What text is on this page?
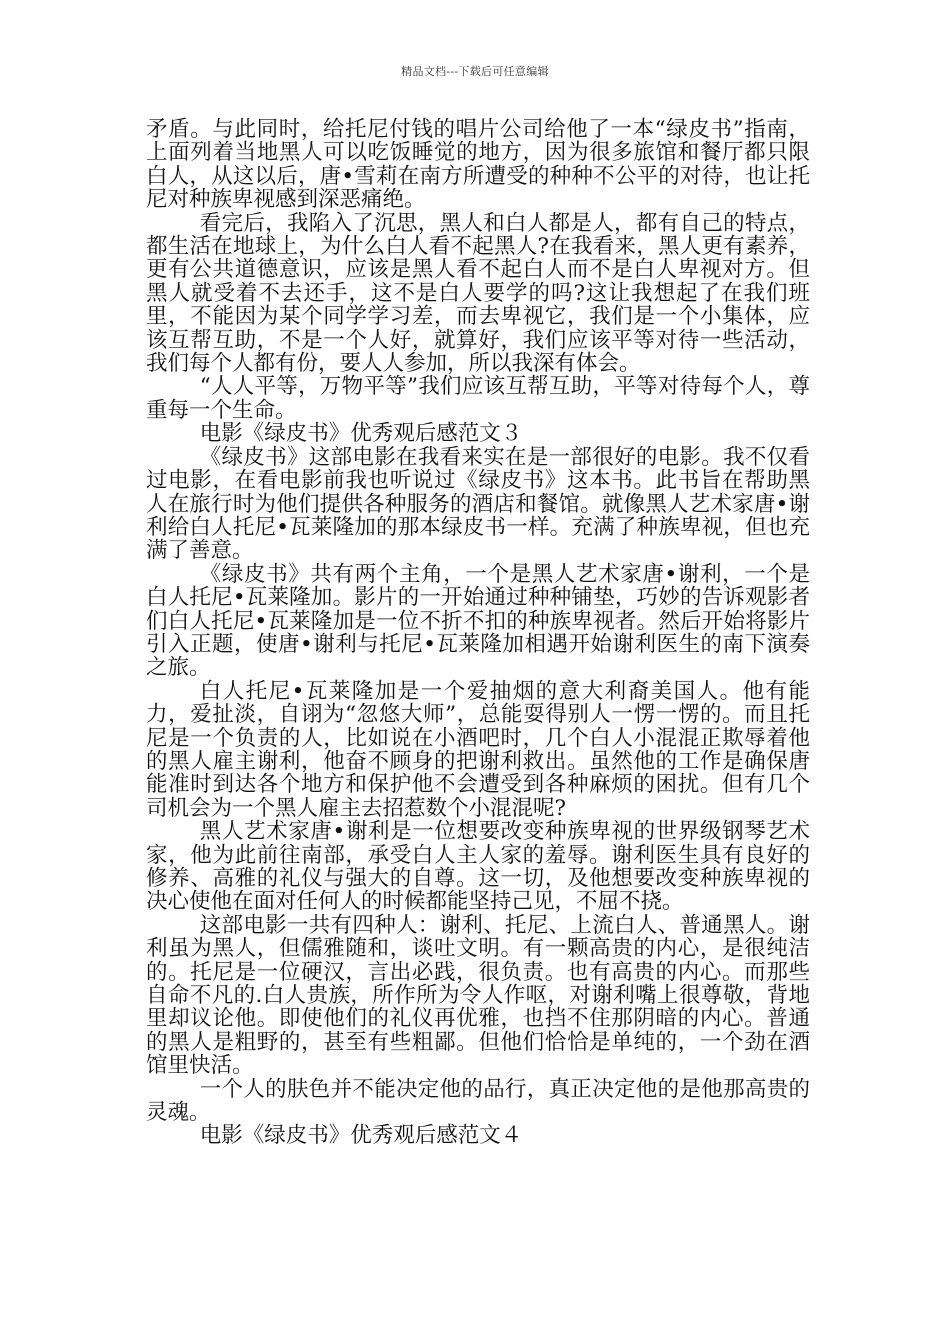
精品文档---下载后可任意编辑

矛盾。与此同时，给托尼付钱的唱片公司给他了一本“绿皮书”指南，上面列着当地黑人可以吃饭睡觉的地方，因为很多旅馆和餐厅都只限白人，从这以后，唐•雪莉在南方所遭受的种种不公平的对待，也让托尼对种族卑视感到深恶痛绝。

看完后，我陷入了沉思，黑人和白人都是人，都有自己的特点，都生活在地球上，为什么白人看不起黑人?在我看来，黑人更有素养，更有公共道德意识，应该是黑人看不起白人而不是白人卑视对方。但黑人就受着不去还手，这不是白人要学的吗?这让我想起了在我们班里，不能因为某个同学学习差，而去卑视它，我们是一个小集体，应该互帮互助，不是一个人好，就算好，我们应该平等对待一些活动，我们每个人都有份，要人人参加，所以我深有体会。

“人人平等，万物平等”我们应该互帮互助，平等对待每个人，尊重每一个生命。

电影《绿皮书》优秀观后感范文３

《绿皮书》这部电影在我看来实在是一部很好的电影。我不仅看过电影，在看电影前我也听说过《绿皮书》这本书。此书旨在帮助黑人在旅行时为他们提供各种服务的酒店和餐馆。就像黑人艺术家唐•谢利给白人托尼•瓦莱隆加的那本绿皮书一样。充满了种族卑视，但也充满了善意。

《绿皮书》共有两个主角，一个是黑人艺术家唐•谢利，一个是白人托尼•瓦莱隆加。影片的一开始通过种种铺垫，巧妙的告诉观影者们白人托尼•瓦莱隆加是一位不折不扣的种族卑视者。然后开始将影片引入正题，使唐•谢利与托尼•瓦莱隆加相遇开始谢利医生的南下演奏之旅。

白人托尼•瓦莱隆加是一个爱抽烟的意大利裔美国人。他有能力，爱扯淡，自诩为“忽悠大师”，总能耍得别人一愣一愣的。而且托尼是一个负责的人，比如说在小酒吧时，几个白人小混混正欺辱着他的黑人雇主谢利，他奋不顾身的把谢利救出。虽然他的工作是确保唐能准时到达各个地方和保护他不会遭受到各种麻烦的困扰。但有几个司机会为一个黑人雇主去招惹数个小混混呢?

黑人艺术家唐•谢利是一位想要改变种族卑视的世界级钢琴艺术家，他为此前往南部，承受白人主人家的羞辱。谢利医生具有良好的修养、高雅的礼仪与强大的自尊。这一切，及他想要改变种族卑视的决心使他在面对任何人的时候都能坚持己见，不屈不挠。

这部电影一共有四种人：谢利、托尼、上流白人、普通黑人。谢利虽为黑人，但儒雅随和，谈吐文明。有一颗高贵的内心，是很纯洁的。托尼是一位硬汉，言出必践，很负责。也有高贵的内心。而那些自命不凡的.白人贵族，所作所为令人作呕，对谢利嘴上很尊敬，背地里却议论他。即使他们的礼仪再优雅，也挡不住那阴暗的内心。普通的黑人是粗野的，甚至有些粗鄙。但他们恰恰是单纯的，一个劲在酒馆里快活。

一个人的肤色并不能决定他的品行，真正决定他的是他那高贵的灵魂。

电影《绿皮书》优秀观后感范文４
